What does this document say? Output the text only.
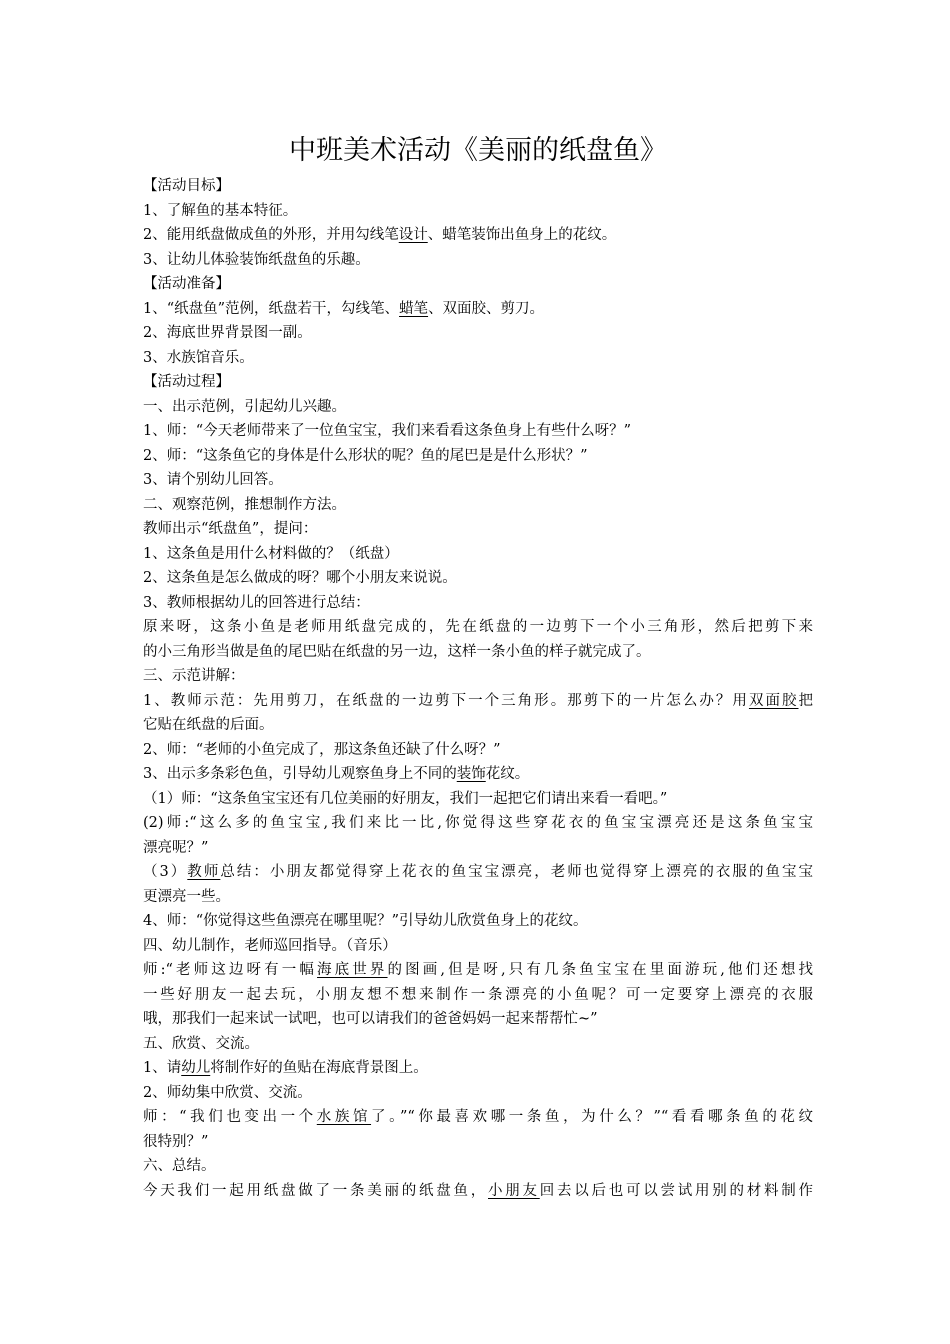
中班美术活动《美丽的纸盘鱼》
【活动目标】
1、了解鱼的基本特征。
2、能用纸盘做成鱼的外形，并用勾线笔设计、蜡笔装饰出鱼身上的花纹。
3、让幼儿体验装饰纸盘鱼的乐趣。
【活动准备】
1、“纸盘鱼”范例，纸盘若干，勾线笔、蜡笔、双面胶、剪刀。
2、海底世界背景图一副。
3、水族馆音乐。
【活动过程】
一、出示范例，引起幼儿兴趣。
1、师：“今天老师带来了一位鱼宝宝，我们来看看这条鱼身上有些什么呀？”
2、师：“这条鱼它的身体是什么形状的呢？鱼的尾巴是是什么形状？”
3、请个别幼儿回答。
二、观察范例，推想制作方法。
教师出示“纸盘鱼”，提问：
1、这条鱼是用什么材料做的？（纸盘）
2、这条鱼是怎么做成的呀？哪个小朋友来说说。
3、教师根据幼儿的回答进行总结：
原来呀，这条小鱼是老师用纸盘完成的，先在纸盘的一边剪下一个小三角形，然后把剪下来
的小三角形当做是鱼的尾巴贴在纸盘的另一边，这样一条小鱼的样子就完成了。
三、示范讲解：
1、教师示范：先用剪刀，在纸盘的一边剪下一个三角形。那剪下的一片怎么办？用双面胶把
它贴在纸盘的后面。
2、师：“老师的小鱼完成了，那这条鱼还缺了什么呀？”
3、出示多条彩色鱼，引导幼儿观察鱼身上不同的装饰花纹。
（1）师：“这条鱼宝宝还有几位美丽的好朋友，我们一起把它们请出来看一看吧。”
(2)师:“这么多的鱼宝宝,我们来比一比,你觉得这些穿花衣的鱼宝宝漂亮还是这条鱼宝宝
漂亮呢？”
（3）教师总结：小朋友都觉得穿上花衣的鱼宝宝漂亮，老师也觉得穿上漂亮的衣服的鱼宝宝
更漂亮一些。
4、师：“你觉得这些鱼漂亮在哪里呢？”引导幼儿欣赏鱼身上的花纹。
四、幼儿制作，老师巡回指导。（音乐）
师:“老师这边呀有一幅海底世界的图画,但是呀,只有几条鱼宝宝在里面游玩,他们还想找
一些好朋友一起去玩，小朋友想不想来制作一条漂亮的小鱼呢？可一定要穿上漂亮的衣服
哦，那我们一起来试一试吧，也可以请我们的爸爸妈妈一起来帮帮忙~”
五、欣赏、交流。
1、请幼儿将制作好的鱼贴在海底背景图上。
2、师幼集中欣赏、交流。
师：“我们也变出一个水族馆了。”“你最喜欢哪一条鱼，为什么？”“看看哪条鱼的花纹
很特别？”
六、总结。
今天我们一起用纸盘做了一条美丽的纸盘鱼，小朋友回去以后也可以尝试用别的材料制作
